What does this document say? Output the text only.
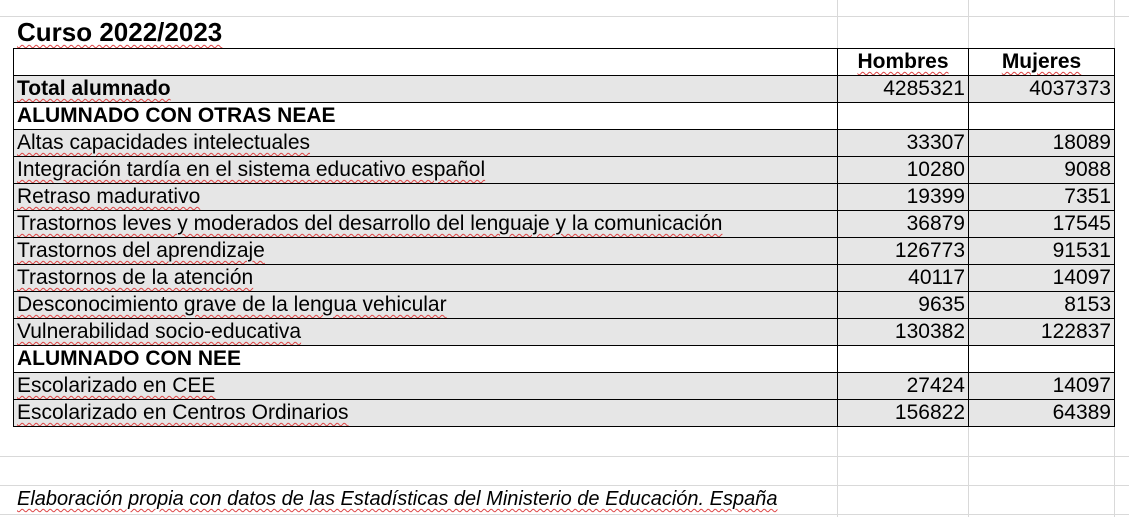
Curso 2022/2023
	Hombres	Mujeres
Total alumnado	4285321	4037373
ALUMNADO CON OTRAS NEAE		
Altas capacidades intelectuales	33307	18089
Integración tardía en el sistema educativo español	10280	9088
Retraso madurativo	19399	7351
Trastornos leves y moderados del desarrollo del lenguaje y la comunicación	36879	17545
Trastornos del aprendizaje	126773	91531
Trastornos de la atención	40117	14097
Desconocimiento grave de la lengua vehicular	9635	8153
Vulnerabilidad socio-educativa	130382	122837
ALUMNADO CON NEE		
Escolarizado en CEE	27424	14097
Escolarizado en Centros Ordinarios	156822	64389
Elaboración propia con datos de las Estadísticas del Ministerio de Educación. España
